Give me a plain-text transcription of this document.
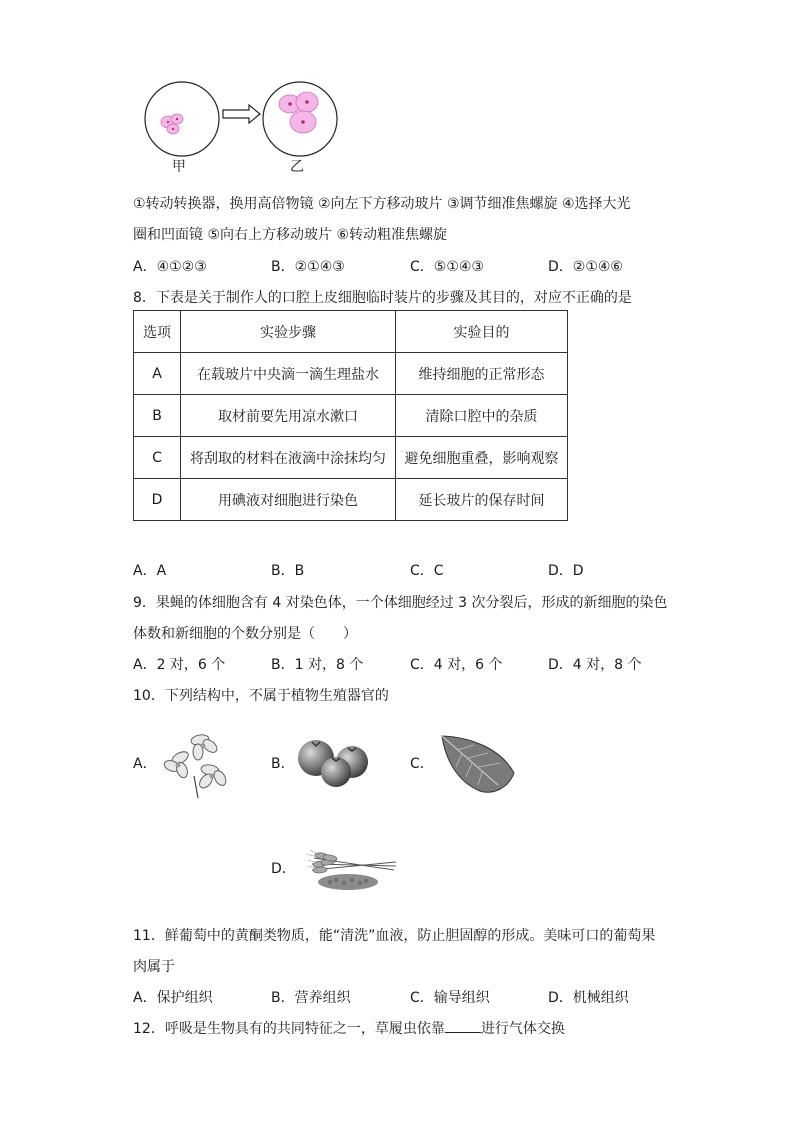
甲	乙
①转动转换器，换用高倍物镜 ②向左下方移动玻片 ③调节细准焦螺旋 ④选择大光
圈和凹面镜 ⑤向右上方移动玻片 ⑥转动粗准焦螺旋
A．④①②③	B．②①④③	C．⑤①④③	D．②①④⑥
8．下表是关于制作人的口腔上皮细胞临时装片的步骤及其目的，对应不正确的是
选项	实验步骤	实验目的
A	在载玻片中央滴一滴生理盐水	维持细胞的正常形态
B	取材前要先用凉水漱口	清除口腔中的杂质
C	将刮取的材料在液滴中涂抹均匀	避免细胞重叠，影响观察
D	用碘液对细胞进行染色	延长玻片的保存时间
A．A	B．B	C．C	D．D
9．果蝇的体细胞含有 4 对染色体，一个体细胞经过 3 次分裂后，形成的新细胞的染色
体数和新细胞的个数分别是（　　）
A．2 对，6 个	B．1 对，8 个	C．4 对，6 个	D．4 对，8 个
10．下列结构中，不属于植物生殖器官的
A．	B．	C．
D．
11．鲜葡萄中的黄酮类物质，能“清洗”血液，防止胆固醇的形成。美味可口的葡萄果
肉属于
A．保护组织	B．营养组织	C．输导组织	D．机械组织
12．呼吸是生物具有的共同特征之一，草履虫依靠	进行气体交换
